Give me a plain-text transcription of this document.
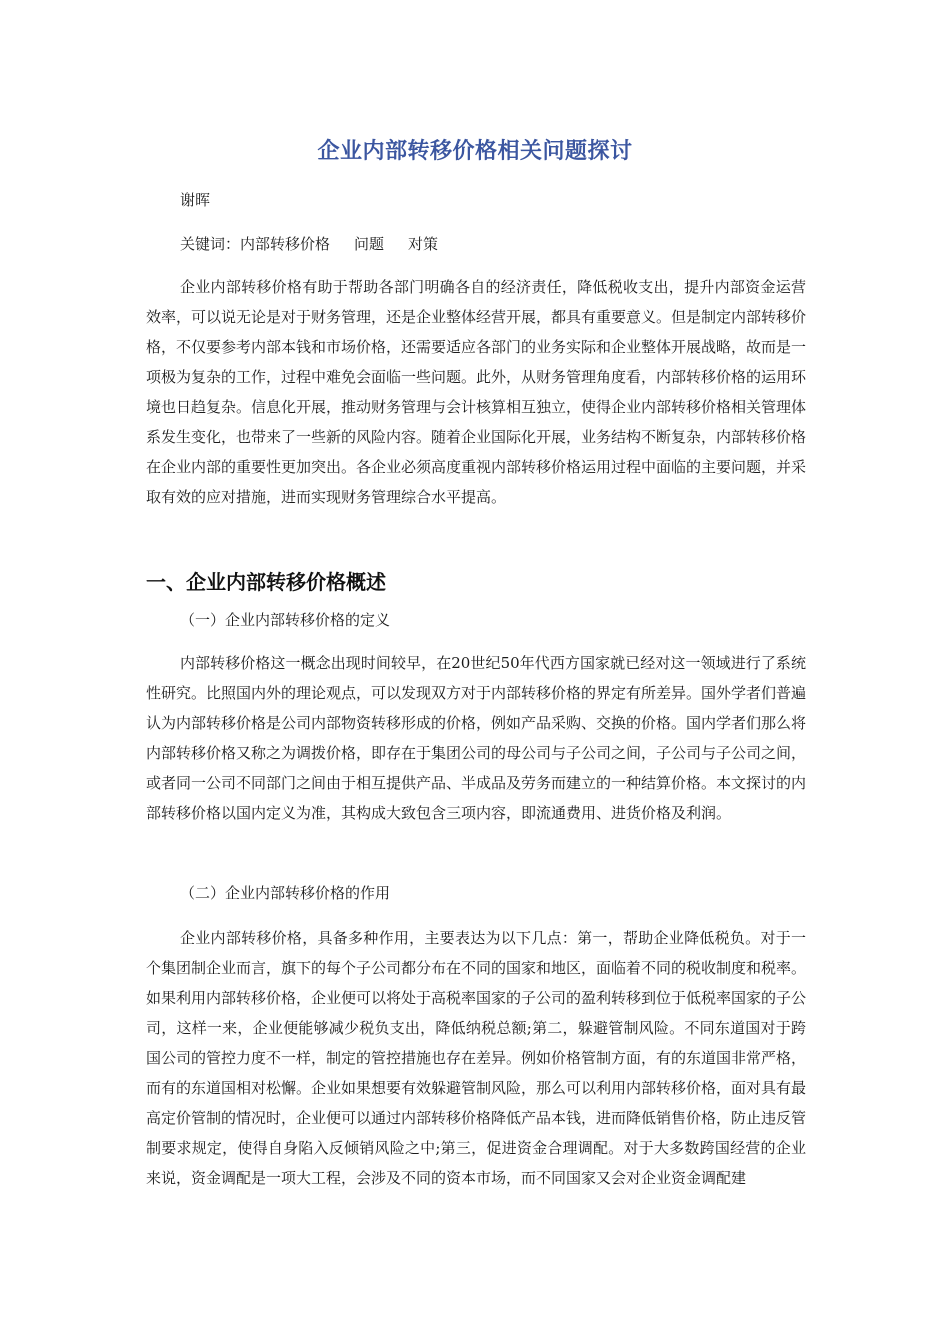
企业内部转移价格相关问题探讨
谢晖
关键词：内部转移价格 问题 对策

企业内部转移价格有助于帮助各部门明确各自的经济责任，降低税收支出，提升内部资金运营效率，可以说无论是对于财务管理，还是企业整体经营开展，都具有重要意义。但是制定内部转移价格，不仅要参考内部本钱和市场价格，还需要适应各部门的业务实际和企业整体开展战略，故而是一项极为复杂的工作，过程中难免会面临一些问题。此外，从财务管理角度看，内部转移价格的运用环境也日趋复杂。信息化开展，推动财务管理与会计核算相互独立，使得企业内部转移价格相关管理体系发生变化，也带来了一些新的风险内容。随着企业国际化开展，业务结构不断复杂，内部转移价格在企业内部的重要性更加突出。各企业必须高度重视内部转移价格运用过程中面临的主要问题，并采取有效的应对措施，进而实现财务管理综合水平提高。

一、企业内部转移价格概述
（一）企业内部转移价格的定义

内部转移价格这一概念出现时间较早，在20世纪50年代西方国家就已经对这一领域进行了系统性研究。比照国内外的理论观点，可以发现双方对于内部转移价格的界定有所差异。国外学者们普遍认为内部转移价格是公司内部物资转移形成的价格，例如产品采购、交换的价格。国内学者们那么将内部转移价格又称之为调拨价格，即存在于集团公司的母公司与子公司之间，子公司与子公司之间，或者同一公司不同部门之间由于相互提供产品、半成品及劳务而建立的一种结算价格。本文探讨的内部转移价格以国内定义为准，其构成大致包含三项内容，即流通费用、进货价格及利润。

（二）企业内部转移价格的作用

企业内部转移价格，具备多种作用，主要表达为以下几点：第一，帮助企业降低税负。对于一个集团制企业而言，旗下的每个子公司都分布在不同的国家和地区，面临着不同的税收制度和税率。如果利用内部转移价格，企业便可以将处于高税率国家的子公司的盈利转移到位于低税率国家的子公司，这样一来，企业便能够减少税负支出，降低纳税总额;第二，躲避管制风险。不同东道国对于跨国公司的管控力度不一样，制定的管控措施也存在差异。例如价格管制方面，有的东道国非常严格，而有的东道国相对松懈。企业如果想要有效躲避管制风险，那么可以利用内部转移价格，面对具有最高定价管制的情况时，企业便可以通过内部转移价格降低产品本钱，进而降低销售价格，防止违反管制要求规定，使得自身陷入反倾销风险之中;第三，促进资金合理调配。对于大多数跨国经营的企业来说，资金调配是一项大工程，会涉及不同的资本市场，而不同国家又会对企业资金调配建
